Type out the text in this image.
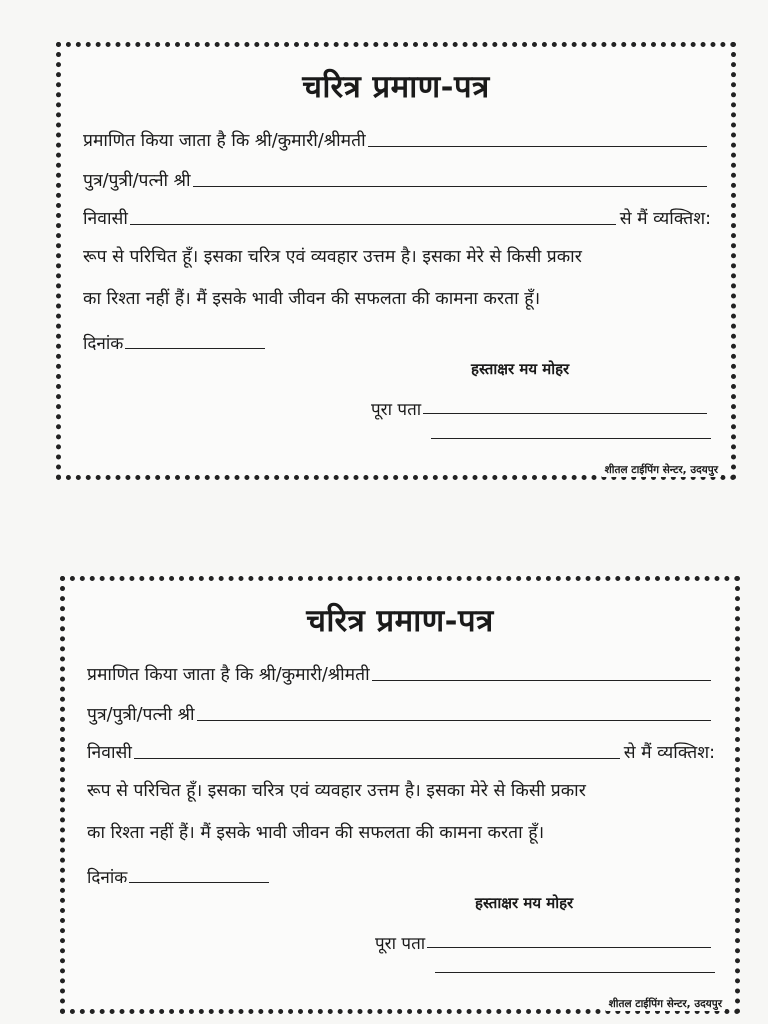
चरित्र प्रमाण-पत्र
प्रमाणित किया जाता है कि श्री/कुमारी/श्रीमती
पुत्र/पुत्री/पत्नी श्री
निवासी	से मैं व्यक्तिश:
रूप से परिचित हूँ। इसका चरित्र एवं व्यवहार उत्तम है। इसका मेरे से किसी प्रकार
का रिश्ता नहीं हैं। मैं इसके भावी जीवन की सफलता की कामना करता हूँ।
दिनांक
हस्ताक्षर मय मोहर
पूरा पता
शीतल टाईपिंग सेन्टर, उदयपुर
चरित्र प्रमाण-पत्र
प्रमाणित किया जाता है कि श्री/कुमारी/श्रीमती
पुत्र/पुत्री/पत्नी श्री
निवासी	से मैं व्यक्तिश:
रूप से परिचित हूँ। इसका चरित्र एवं व्यवहार उत्तम है। इसका मेरे से किसी प्रकार
का रिश्ता नहीं हैं। मैं इसके भावी जीवन की सफलता की कामना करता हूँ।
दिनांक
हस्ताक्षर मय मोहर
पूरा पता
शीतल टाईपिंग सेन्टर, उदयपुर
